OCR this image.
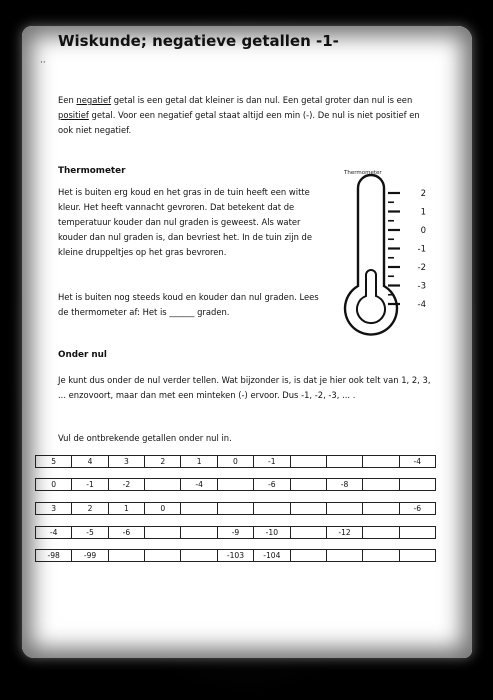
··
Wiskunde; negatieve getallen -1-
Een negatief getal is een getal dat kleiner is dan nul. Een getal groter dan nul is een positief getal. Voor een negatief getal staat altijd een min (-). De nul is niet positief en ook niet negatief.
Thermometer
Het is buiten erg koud en het gras in de tuin heeft een witte kleur. Het heeft vannacht gevroren. Dat betekent dat de temperatuur kouder dan nul graden is geweest. Als water kouder dan nul graden is, dan bevriest het. In de tuin zijn de kleine druppeltjes op het gras bevroren.
Het is buiten nog steeds koud en kouder dan nul graden. Lees de thermometer af: Het is ______ graden.
Onder nul
Je kunt dus onder de nul verder tellen. Wat bijzonder is, is dat je hier ook telt van 1, 2, 3, ... enzovoort, maar dan met een minteken (-) ervoor. Dus -1, -2, -3, ... .
Vul de ontbrekende getallen onder nul in.
Thermometer
2
1
0
-1
-2
-3
-4
5	4	3	2	1	0	-1				-4
0	-1	-2		-4		-6		-8		
3	2	1	0							-6
-4	-5	-6			-9	-10		-12		
-98	-99				-103	-104				
